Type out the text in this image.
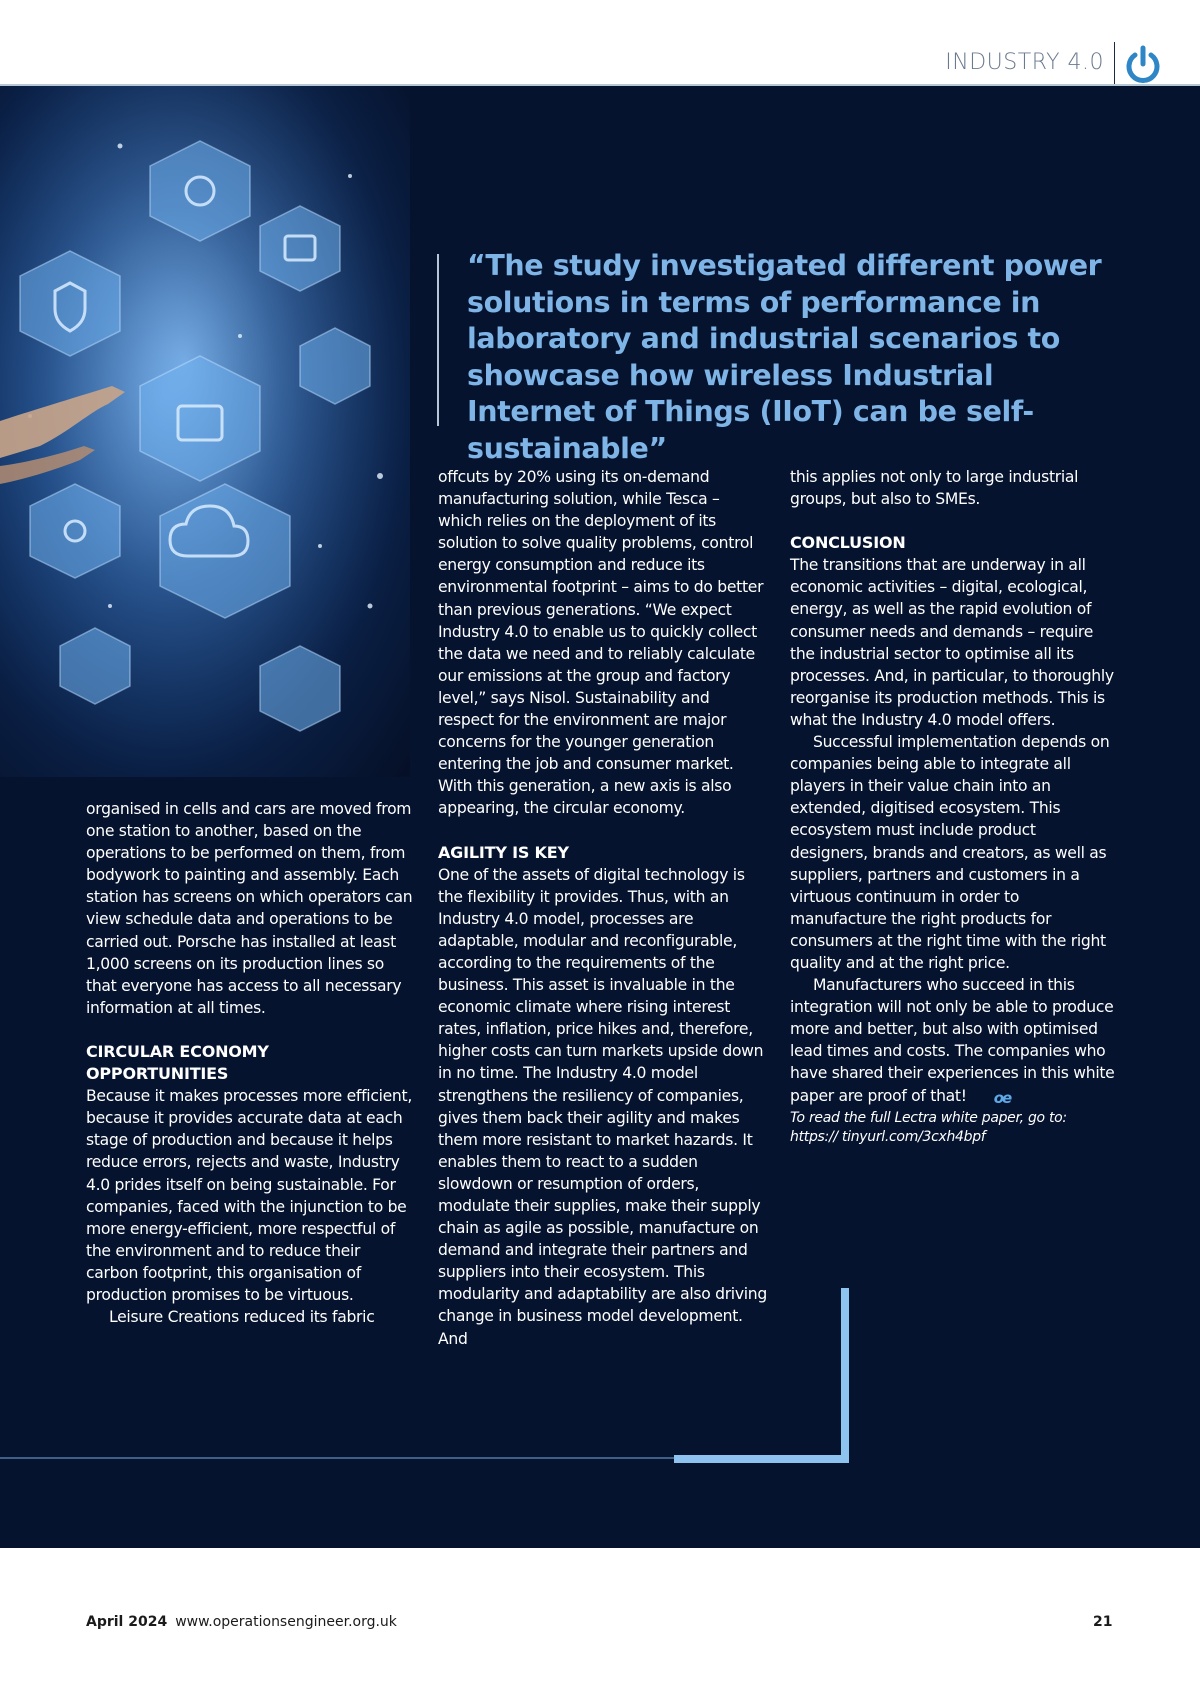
INDUSTRY 4.0
“The study investigated different power solutions in terms of performance in laboratory and industrial scenarios to showcase how wireless Industrial Internet of Things (IIoT) can be self-sustainable”

organised in cells and cars are moved from one station to another, based on the operations to be performed on them, from bodywork to painting and assembly. Each station has screens on which operators can view schedule data and operations to be carried out. Porsche has installed at least 1,000 screens on its production lines so that everyone has access to all necessary information at all times.

CIRCULAR ECONOMY OPPORTUNITIES

Because it makes processes more efficient, because it provides accurate data at each stage of production and because it helps reduce errors, rejects and waste, Industry 4.0 prides itself on being sustainable. For companies, faced with the injunction to be more energy-efficient, more respectful of the environment and to reduce their carbon footprint, this organisation of production promises to be virtuous.

Leisure Creations reduced its fabric

offcuts by 20% using its on-demand manufacturing solution, while Tesca – which relies on the deployment of its solution to solve quality problems, control energy consumption and reduce its environmental footprint – aims to do better than previous generations. “We expect Industry 4.0 to enable us to quickly collect the data we need and to reliably calculate our emissions at the group and factory level,” says Nisol. Sustainability and respect for the environment are major concerns for the younger generation entering the job and consumer market. With this generation, a new axis is also appearing, the circular economy.

AGILITY IS KEY

One of the assets of digital technology is the flexibility it provides. Thus, with an Industry 4.0 model, processes are adaptable, modular and reconfigurable, according to the requirements of the business. This asset is invaluable in the economic climate where rising interest rates, inflation, price hikes and, therefore, higher costs can turn markets upside down in no time. The Industry 4.0 model strengthens the resiliency of companies, gives them back their agility and makes them more resistant to market hazards. It enables them to react to a sudden slowdown or resumption of orders, modulate their supplies, make their supply chain as agile as possible, manufacture on demand and integrate their partners and suppliers into their ecosystem. This modularity and adaptability are also driving change in business model development. And

this applies not only to large industrial groups, but also to SMEs.

CONCLUSION

The transitions that are underway in all economic activities – digital, ecological, energy, as well as the rapid evolution of consumer needs and demands – require the industrial sector to optimise all its processes. And, in particular, to thoroughly reorganise its production methods. This is what the Industry 4.0 model offers.

Successful implementation depends on companies being able to integrate all players in their value chain into an extended, digitised ecosystem. This ecosystem must include product designers, brands and creators, as well as suppliers, partners and customers in a virtuous continuum in order to manufacture the right products for consumers at the right time with the right quality and at the right price.

Manufacturers who succeed in this integration will not only be able to produce more and better, but also with optimised lead times and costs. The companies who have shared their experiences in this white paper are proof of that! oe

To read the full Lectra white paper, go to: https:// tinyurl.com/3cxh4bpf

April 2024 www.operationsengineer.org.uk	21
